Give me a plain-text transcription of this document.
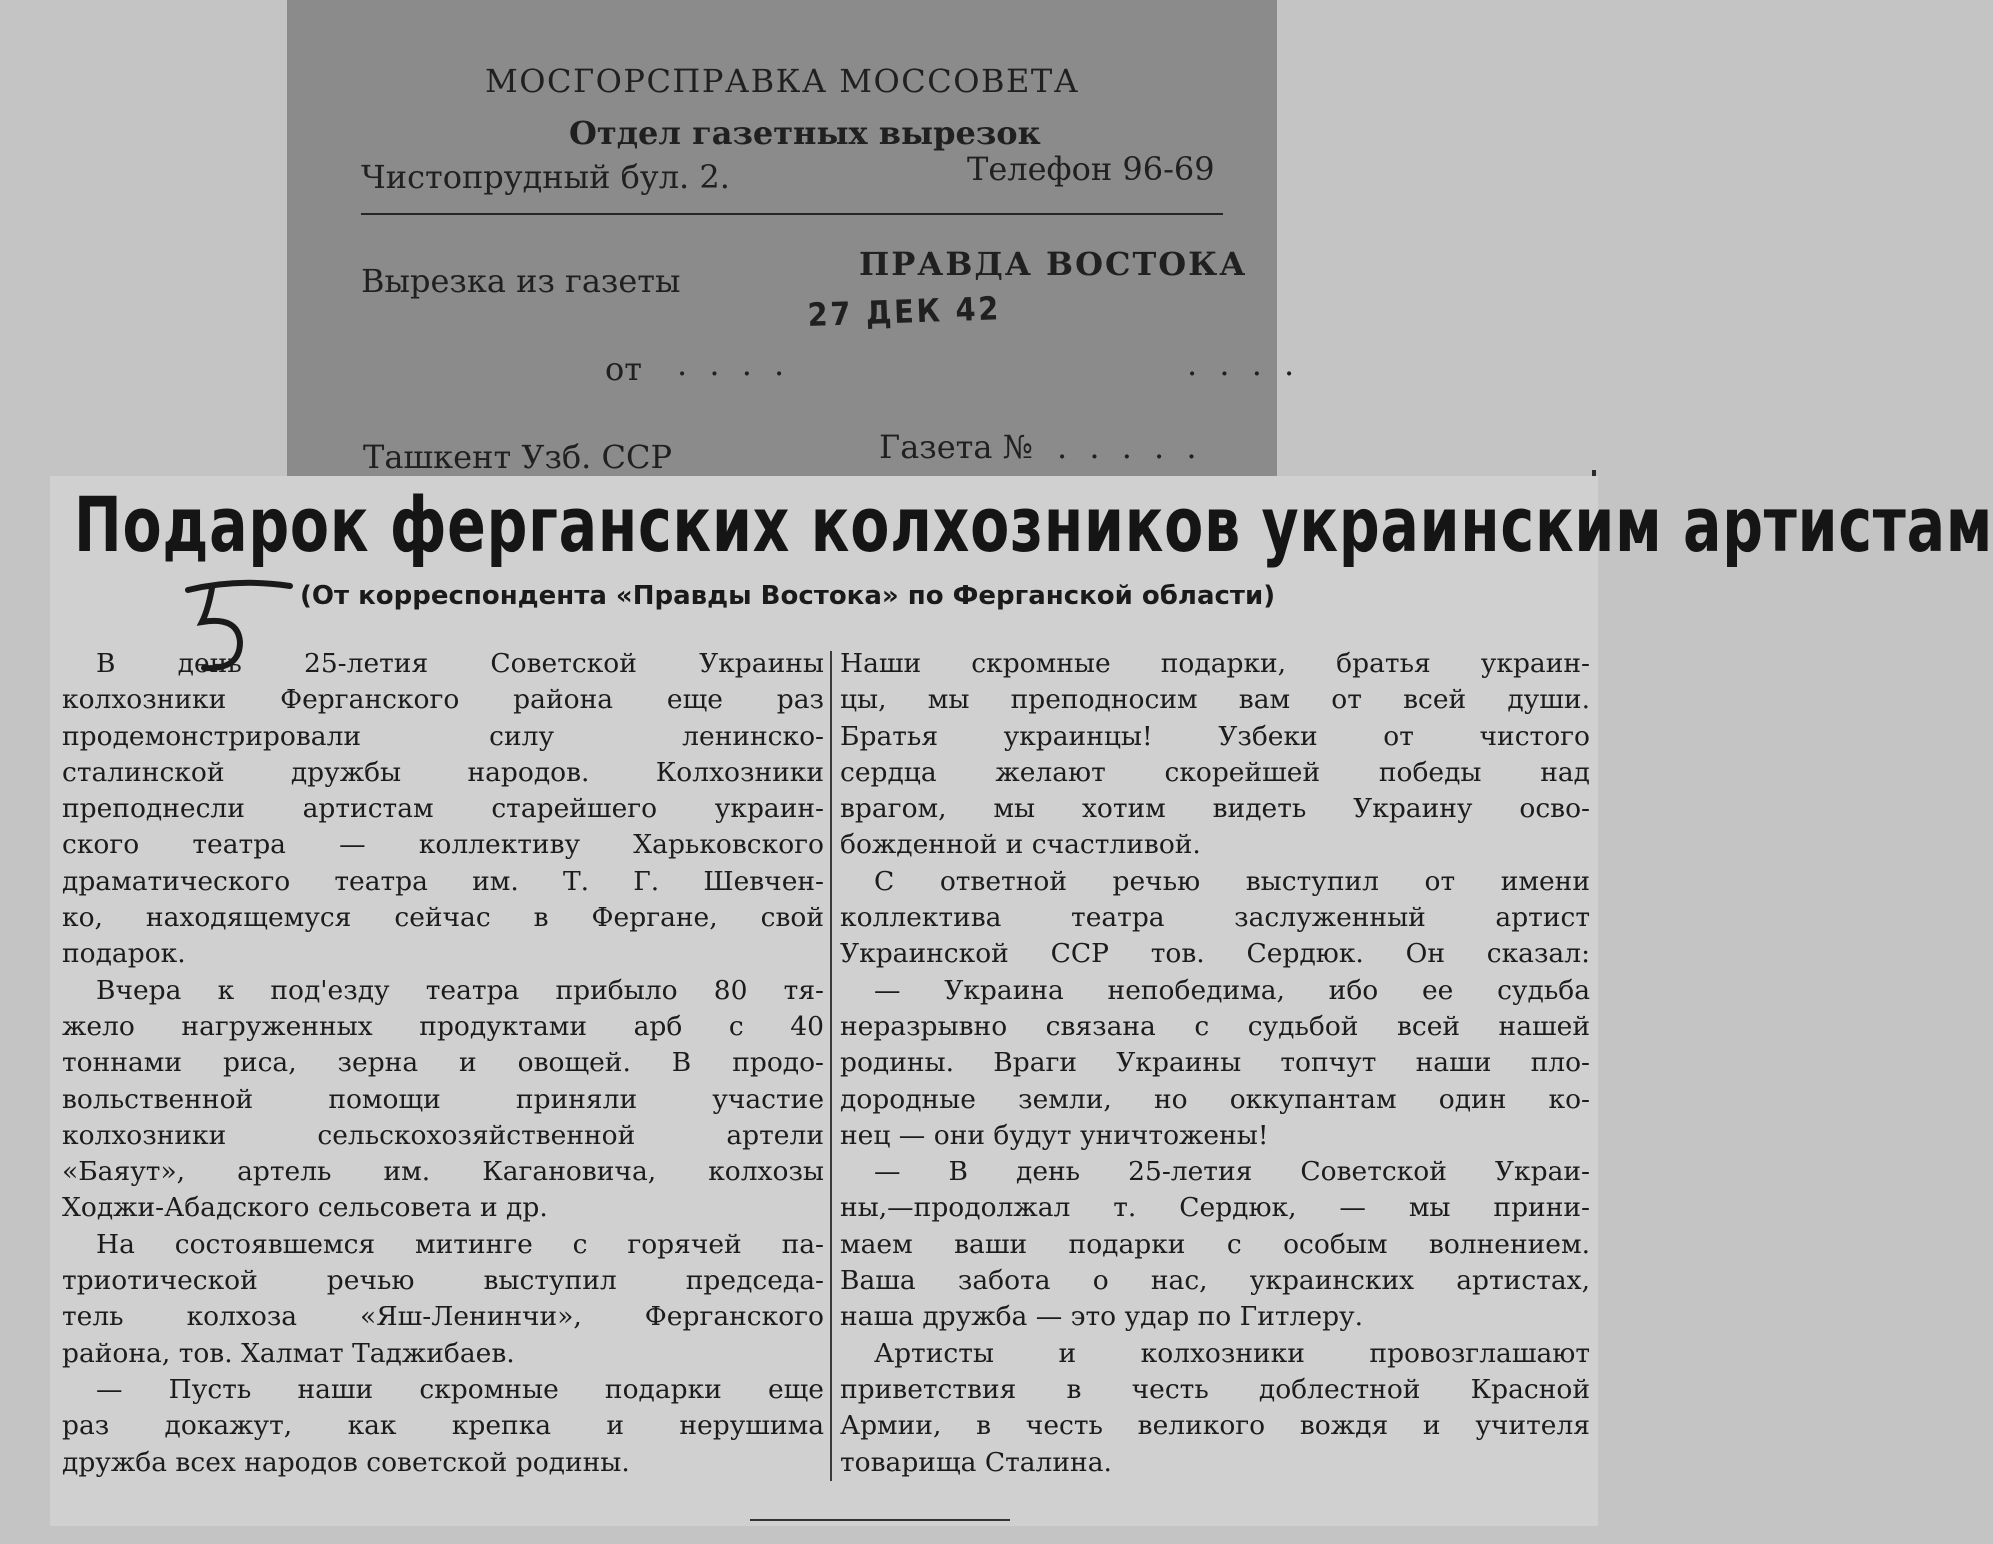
МОСГОРСПРАВКА МОССОВЕТА
Отдел газетных вырезок
Чистопрудный бул. 2.	Телефон 96-69
Вырезка из газеты	ПРАВДА ВОСТОКА
от . . . .
27 ДЕК 42
. . . .
Ташкент Узб. ССР	Газета № . . . . .
Подарок ферганских колхозников украинским артистам
(От корреспондента «Правды Востока» по Ферганской области)
В день 25-летия Советской Украины
колхозники Ферганского района еще раз
продемонстрировали силу ленинско-
сталинской дружбы народов. Колхозники
преподнесли артистам старейшего украин-
ского театра — коллективу Харьковского
драматического театра им. Т. Г. Шевчен-
ко, находящемуся сейчас в Фергане, свой
подарок.
Вчера к под'езду театра прибыло 80 тя-
жело нагруженных продуктами арб с 40
тоннами риса, зерна и овощей. В продо-
вольственной помощи приняли участие
колхозники сельскохозяйственной артели
«Баяут», артель им. Кагановича, колхозы
Ходжи-Абадского сельсовета и др.
На состоявшемся митинге с горячей па-
триотической речью выступил председа-
тель колхоза «Яш-Ленинчи», Ферганского
района, тов. Халмат Таджибаев.
— Пусть наши скромные подарки еще
раз докажут, как крепка и нерушима
дружба всех народов советской родины.
Наши скромные подарки, братья украин-
цы, мы преподносим вам от всей души.
Братья украинцы! Узбеки от чистого
сердца желают скорейшей победы над
врагом, мы хотим видеть Украину осво-
божденной и счастливой.
С ответной речью выступил от имени
коллектива театра заслуженный артист
Украинской ССР тов. Сердюк. Он сказал:
— Украина непобедима, ибо ее судьба
неразрывно связана с судьбой всей нашей
родины. Враги Украины топчут наши пло-
дородные земли, но оккупантам один ко-
нец — они будут уничтожены!
— В день 25-летия Советской Украи-
ны,—продолжал т. Сердюк, — мы прини-
маем ваши подарки с особым волнением.
Ваша забота о нас, украинских артистах,
наша дружба — это удар по Гитлеру.
Артисты и колхозники провозглашают
приветствия в честь доблестной Красной
Армии, в честь великого вождя и учителя
товарища Сталина.
